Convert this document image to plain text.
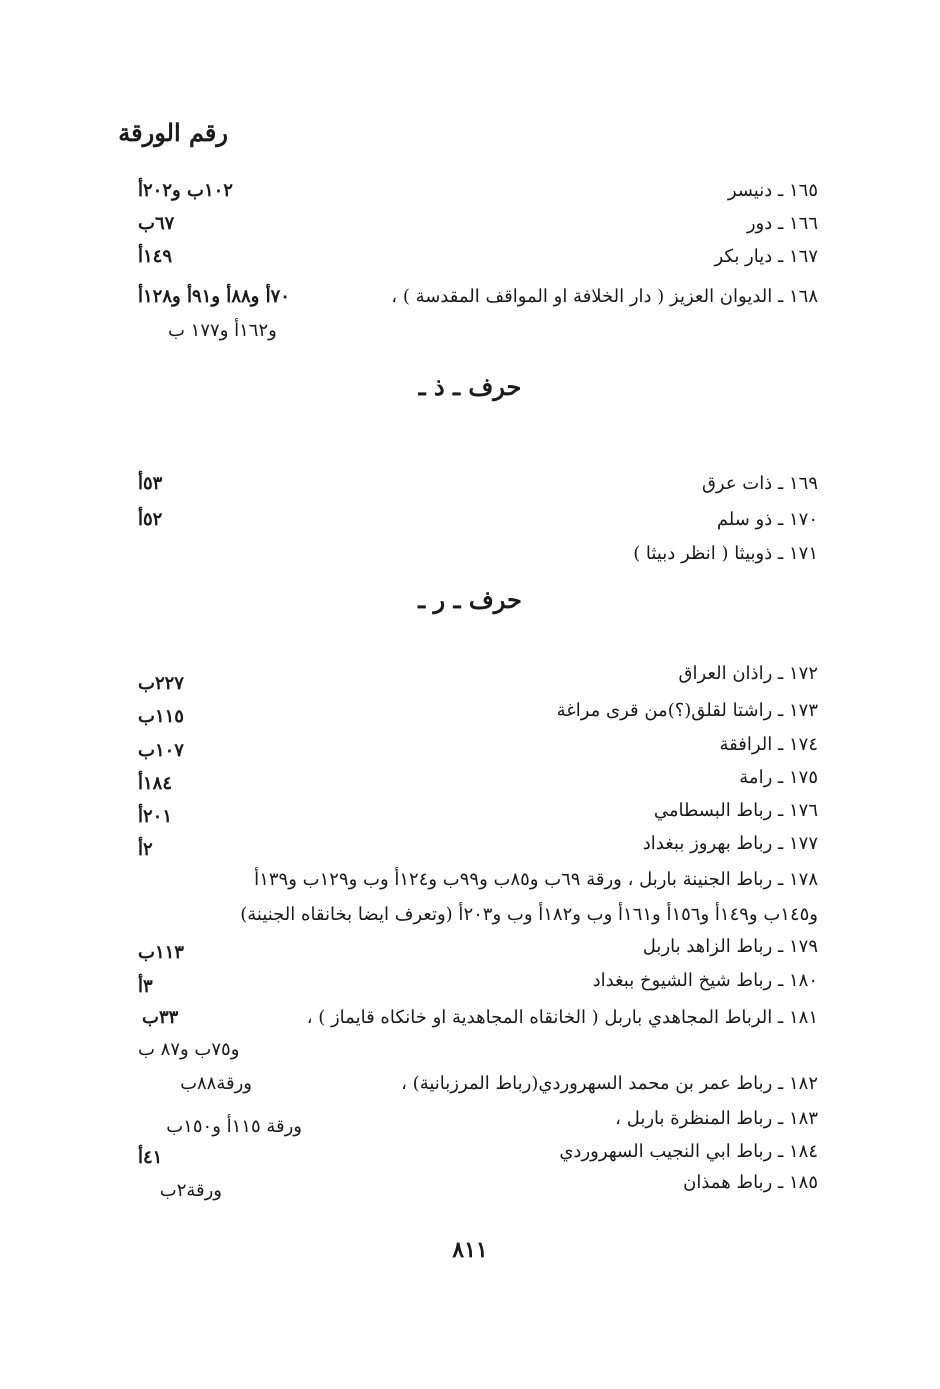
رقم الورقة
١٦٥ ـ دنيسر
١٠٢ب و٢٠٢أ
١٦٦ ـ دور
٦٧ب
١٦٧ ـ ديار بكر
١٤٩أ
١٦٨ ـ الديوان العزيز ( دار الخلافة او المواقف المقدسة ) ،
٧٠أ و٨٨أ و٩١أ و١٢٨أ
و١٦٢أ و١٧٧ ب
حرف ـ ذ ـ
١٦٩ ـ ذات عرق
٥٣أ
١٧٠ ـ ذو سلم
٥٢أ
١٧١ ـ ذوبيثا ( انظر دبيثا )
حرف ـ ر ـ
١٧٢ ـ راذان العراق
٢٢٧ب
١٧٣ ـ راشتا لقلق(؟)من قرى مراغة
١١٥ب
١٧٤ ـ الرافقة
١٠٧ب
١٧٥ ـ رامة
١٨٤أ
١٧٦ ـ رباط البسطامي
٢٠١أ
١٧٧ ـ رباط بهروز ببغداد
٢أ
١٧٨ ـ رباط الجنينة باربل ، ورقة ٦٩ب و٨٥ب و٩٩ب و١٢٤أ وب و١٢٩ب و١٣٩أ
و١٤٥ب و١٤٩أ و١٥٦أ و١٦١أ وب و١٨٢أ وب و٢٠٣أ (وتعرف ايضا بخانقاه الجنينة)
١٧٩ ـ رباط الزاهد باربل
١١٣ب
١٨٠ ـ رباط شيخ الشيوخ ببغداد
٣أ
١٨١ ـ الرباط المجاهدي باربل ( الخانقاه المجاهدية او خانكاه قايماز ) ،
٣٣ب
و٧٥ب و٨٧ ب
١٨٢ ـ رباط عمر بن محمد السهروردي(رباط المرزبانية) ،
ورقة٨٨ب
١٨٣ ـ رباط المنظرة باربل ،
ورقة ١١٥أ و١٥٠ب
١٨٤ ـ رباط ابي النجيب السهروردي
٤١أ
١٨٥ ـ رباط همذان
ورقة٢ب
٨١١
